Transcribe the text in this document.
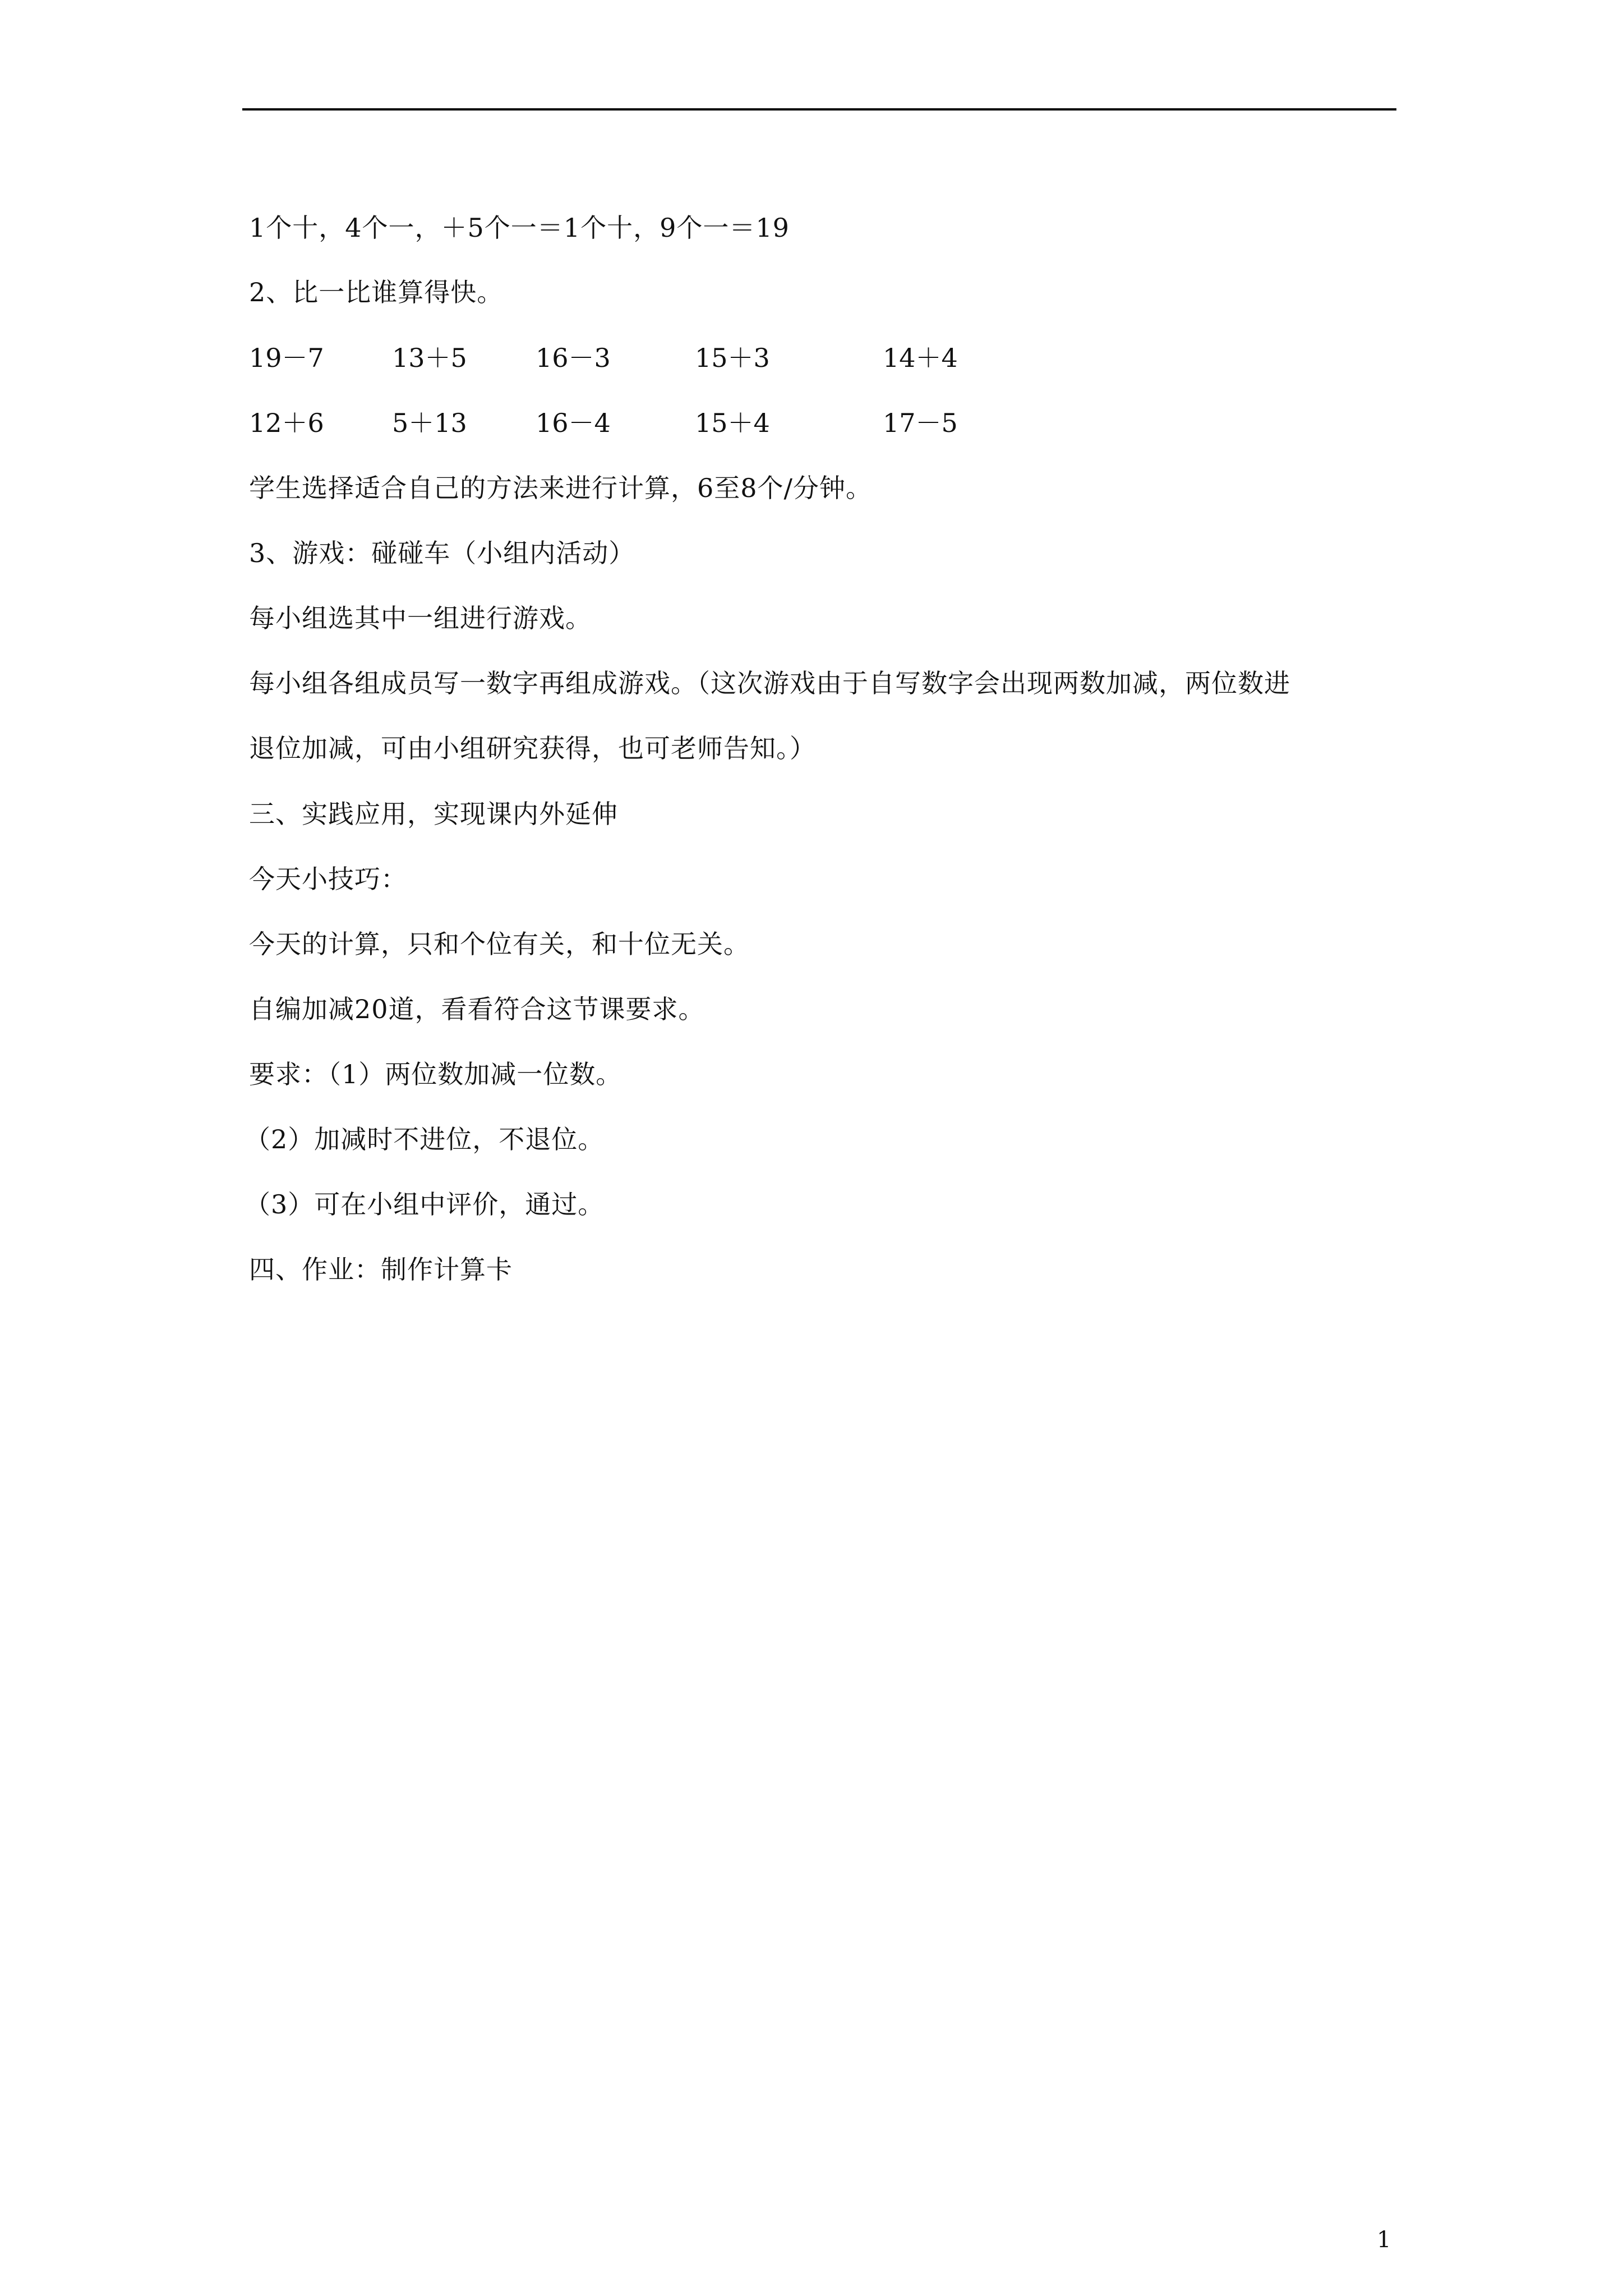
1个十，4个一，＋5个一＝1个十，9个一＝19
2、比一比谁算得快。
19－7	13＋5	16－3	15＋3	14＋4
12＋6	5＋13	16－4	15＋4	17－5
学生选择适合自己的方法来进行计算，6至8个/分钟。
3、游戏：碰碰车（小组内活动）
每小组选其中一组进行游戏。
每小组各组成员写一数字再组成游戏。（这次游戏由于自写数字会出现两数加减，两位数进
退位加减，可由小组研究获得，也可老师告知。）
三、实践应用，实现课内外延伸
今天小技巧：
今天的计算，只和个位有关，和十位无关。
自编加减20道，看看符合这节课要求。
要求：（1）两位数加减一位数。
（2）加减时不进位，不退位。
（3）可在小组中评价，通过。
四、作业：制作计算卡
1
